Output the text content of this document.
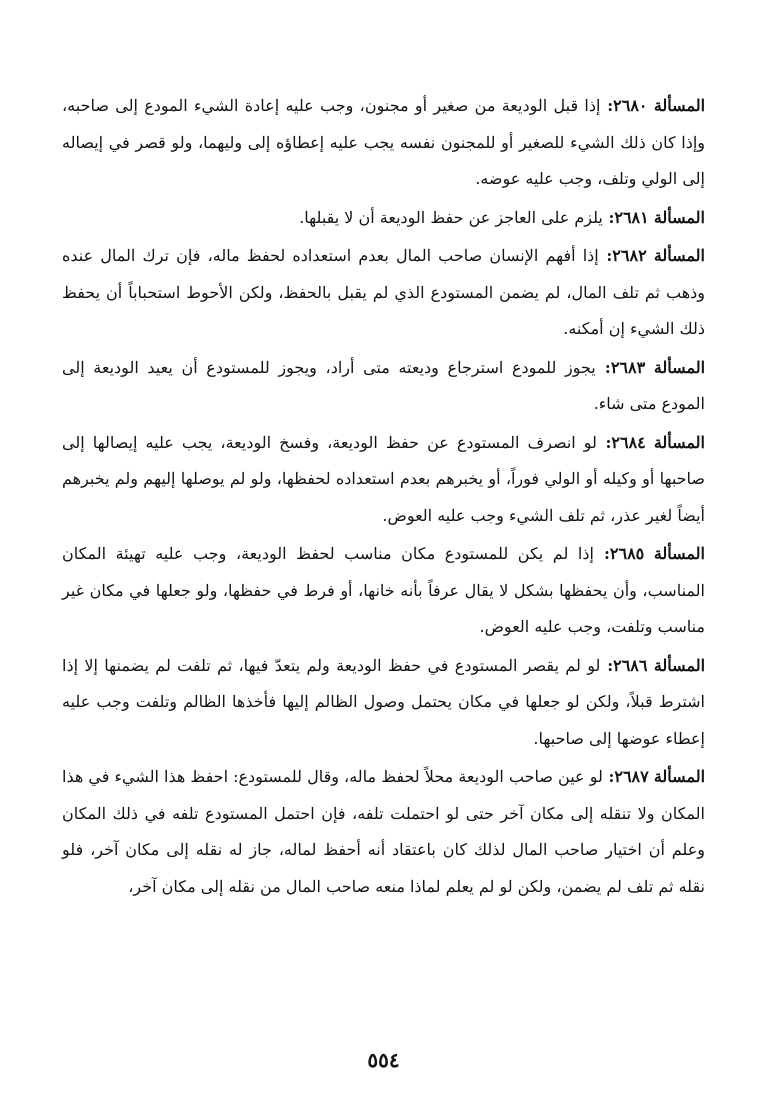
المسألة ٢٦٨٠: إذا قبل الوديعة من صغير أو مجنون، وجب عليه إعادة الشيء المودع إلى صاحبه، وإذا كان ذلك الشيء للصغير أو للمجنون نفسه يجب عليه إعطاؤه إلى وليهما، ولو قصر في إيصاله إلى الولي وتلف، وجب عليه عوضه.

المسألة ٢٦٨١: يلزم على العاجز عن حفظ الوديعة أن لا يقبلها.

المسألة ٢٦٨٢: إذا أفهم الإنسان صاحب المال بعدم استعداده لحفظ ماله، فإن ترك المال عنده وذهب ثم تلف المال، لم يضمن المستودع الذي لم يقبل بالحفظ، ولكن الأحوط استحباباً أن يحفظ ذلك الشيء إن أمكنه.

المسألة ٢٦٨٣: يجوز للمودع استرجاع وديعته متى أراد، ويجوز للمستودع أن يعيد الوديعة إلى المودع متى شاء.

المسألة ٢٦٨٤: لو انصرف المستودع عن حفظ الوديعة، وفسخ الوديعة، يجب عليه إيصالها إلى صاحبها أو وكيله أو الولي فوراً، أو يخبرهم بعدم استعداده لحفظها، ولو لم يوصلها إليهم ولم يخبرهم أيضاً لغير عذر، ثم تلف الشيء وجب عليه العوض.

المسألة ٢٦٨٥: إذا لم يكن للمستودع مكان مناسب لحفظ الوديعة، وجب عليه تهيئة المكان المناسب، وأن يحفظها بشكل لا يقال عرفاً بأنه خانها، أو فرط في حفظها، ولو جعلها في مكان غير مناسب وتلفت، وجب عليه العوض.

المسألة ٢٦٨٦: لو لم يقصر المستودع في حفظ الوديعة ولم يتعدّ فيها، ثم تلفت لم يضمنها إلا إذا اشترط قبلاً، ولكن لو جعلها في مكان يحتمل وصول الظالم إليها فأخذها الظالم وتلفت وجب عليه إعطاء عوضها إلى صاحبها.

المسألة ٢٦٨٧: لو عين صاحب الوديعة محلاً لحفظ ماله، وقال للمستودع: احفظ هذا الشيء في هذا المكان ولا تنقله إلى مكان آخر حتى لو احتملت تلفه، فإن احتمل المستودع تلفه في ذلك المكان وعلم أن اختيار صاحب المال لذلك كان باعتقاد أنه أحفظ لماله، جاز له نقله إلى مكان آخر، فلو نقله ثم تلف لم يضمن، ولكن لو لم يعلم لماذا منعه صاحب المال من نقله إلى مكان آخر،

٥٥٤
